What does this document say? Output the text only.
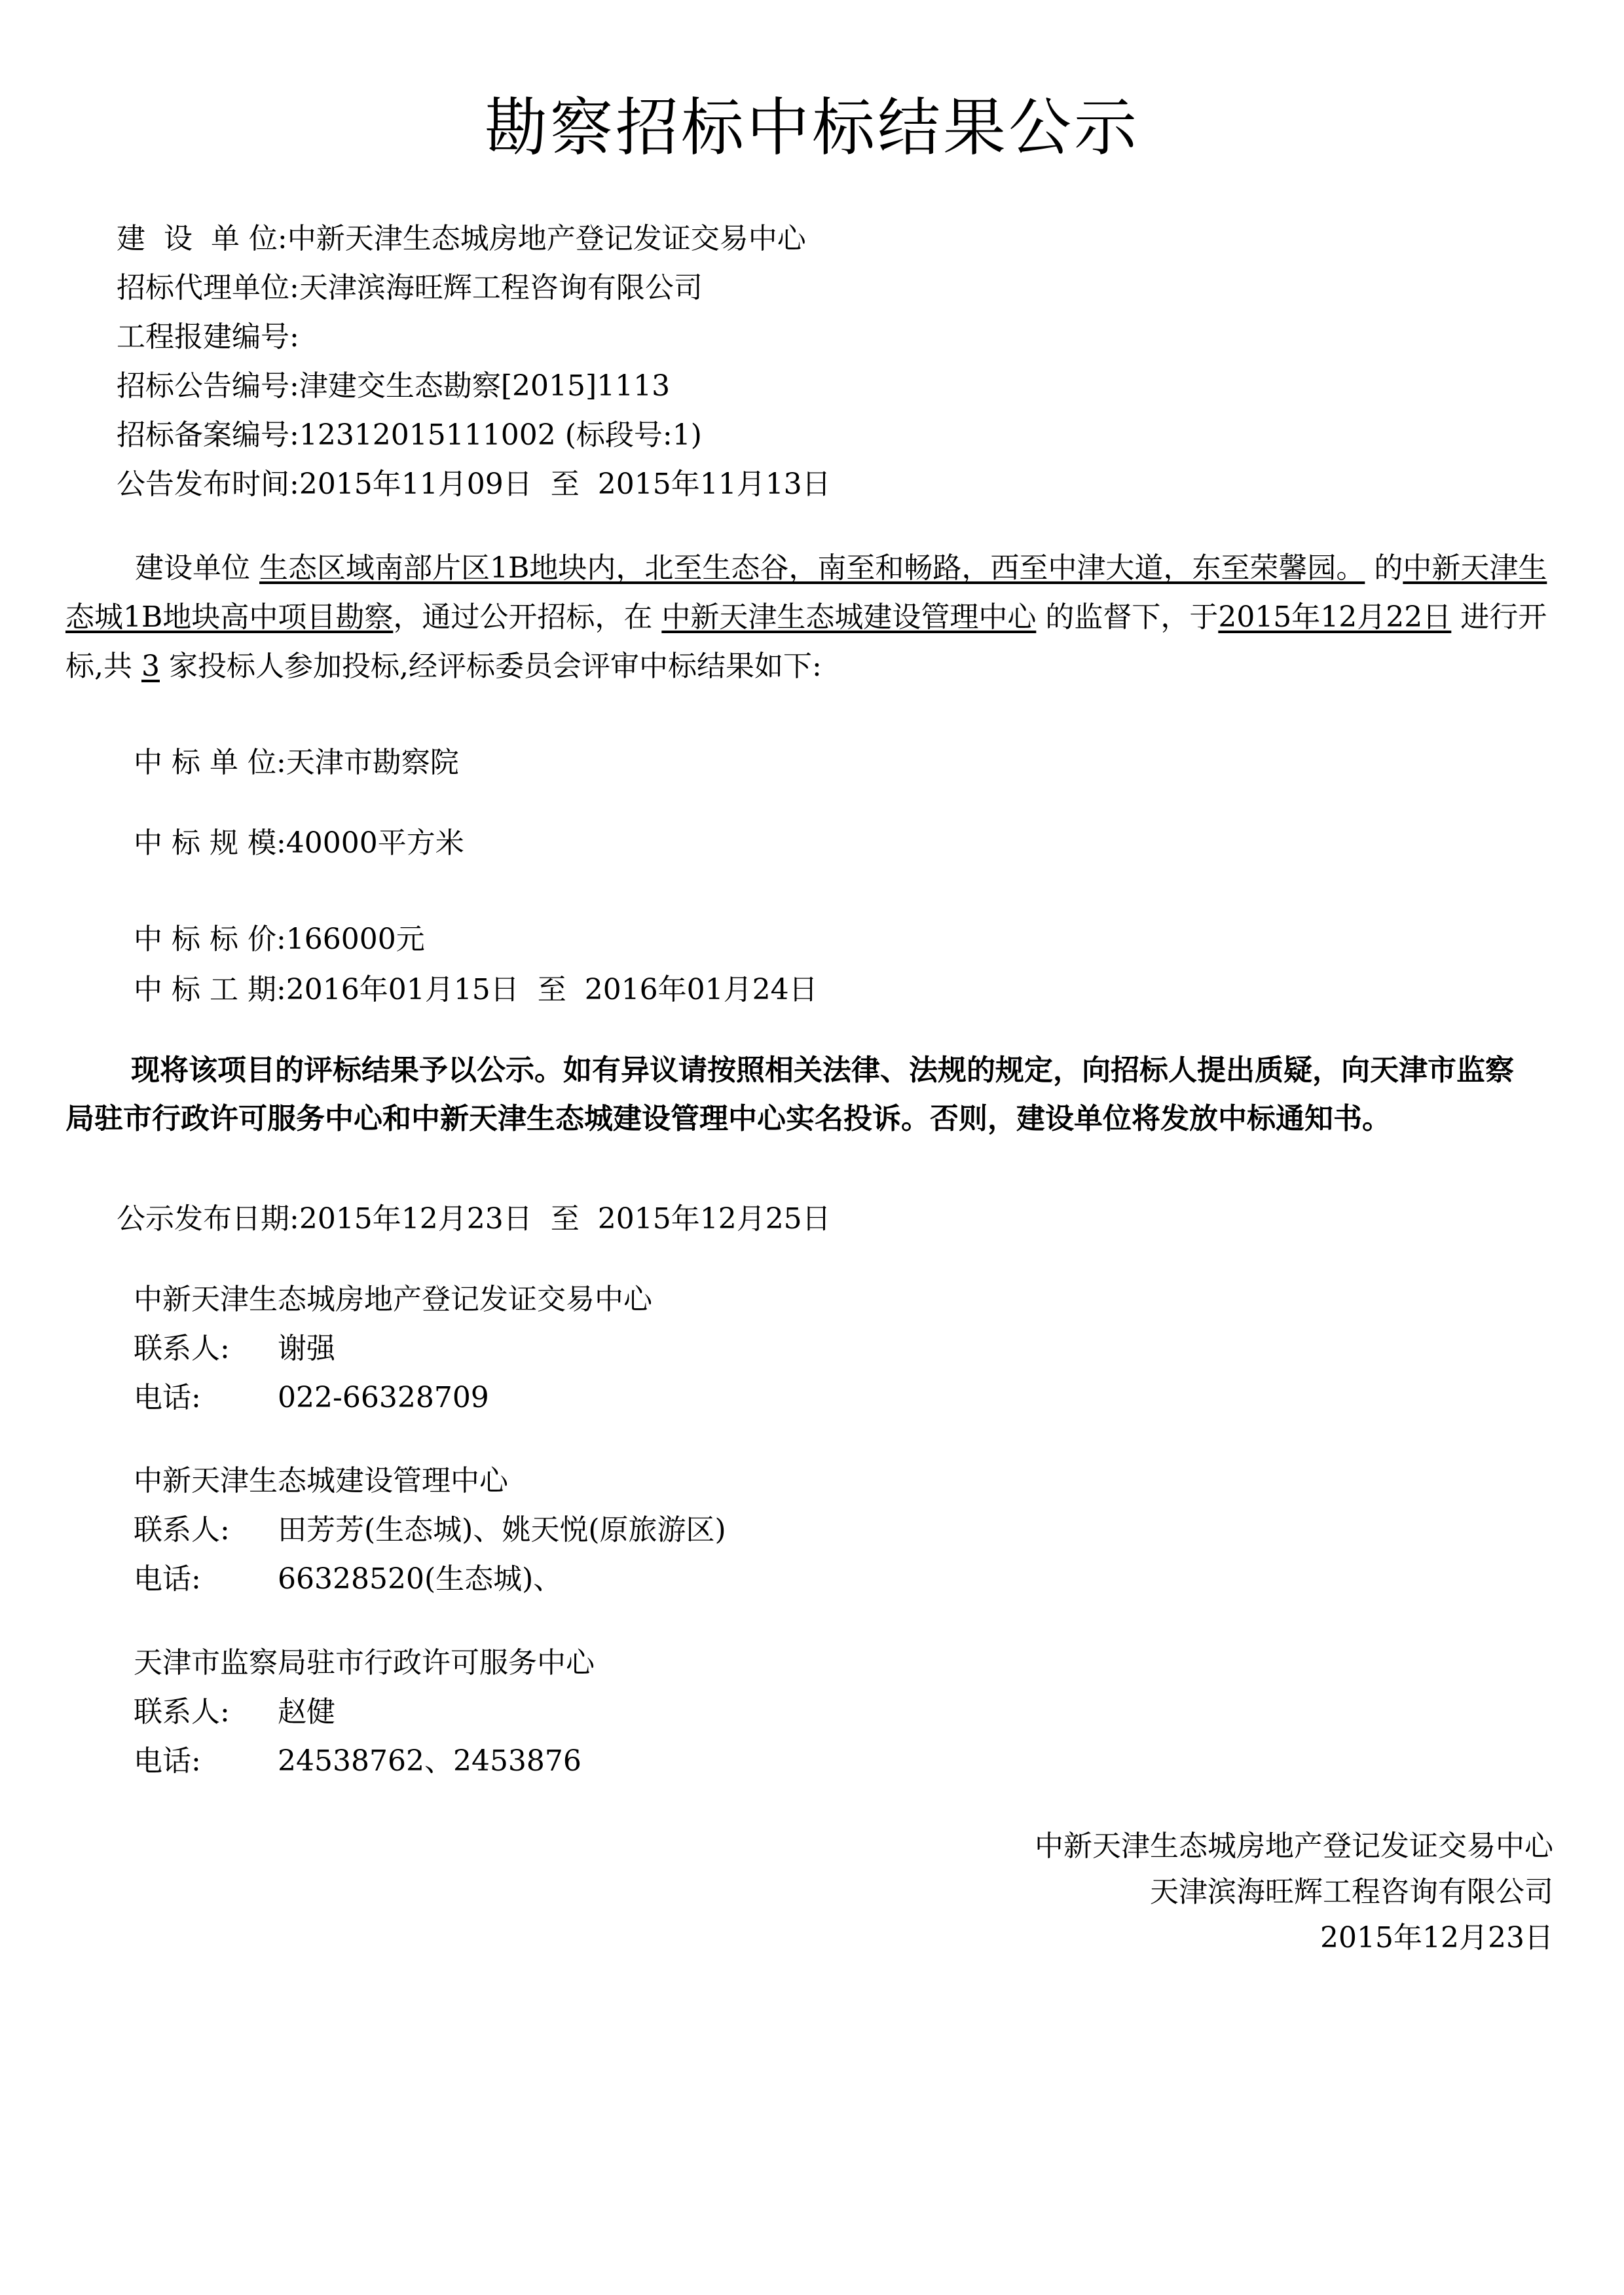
勘察招标中标结果公示
建  设  单 位:中新天津生态城房地产登记发证交易中心
招标代理单位:天津滨海旺辉工程咨询有限公司
工程报建编号:
招标公告编号:津建交生态勘察[2015]1113
招标备案编号:12312015111002 (标段号:1)
公告发布时间:2015年11月09日  至  2015年11月13日

建设单位 生态区域南部片区1B地块内，北至生态谷，南至和畅路，西至中津大道，东至荣馨园。 的中新天津生态城1B地块高中项目勘察，通过公开招标，在 中新天津生态城建设管理中心 的监督下，于2015年12月22日 进行开标,共 3 家投标人参加投标,经评标委员会评审中标结果如下:

中 标 单 位:天津市勘察院
中 标 规 模:40000平方米
中 标 标 价:166000元
中 标 工 期:2016年01月15日  至  2016年01月24日
现将该项目的评标结果予以公示。如有异议请按照相关法律、法规的规定，向招标人提出质疑，向天津市监察局驻市行政许可服务中心和中新天津生态城建设管理中心实名投诉。否则，建设单位将发放中标通知书。
公示发布日期:2015年12月23日  至  2015年12月25日
中新天津生态城房地产登记发证交易中心
联系人: 谢强
电话:	022-66328709
中新天津生态城建设管理中心
联系人: 田芳芳(生态城)、姚天悦(原旅游区)
电话:	66328520(生态城)、
天津市监察局驻市行政许可服务中心
联系人: 赵健
电话:	24538762、2453876
中新天津生态城房地产登记发证交易中心
天津滨海旺辉工程咨询有限公司
2015年12月23日
